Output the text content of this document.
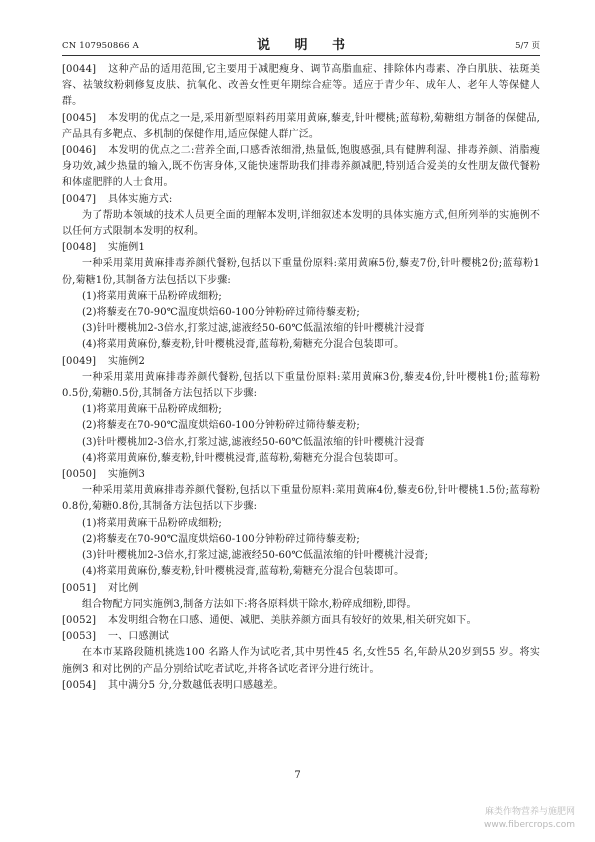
CN 107950866 A	说 明 书	5/7 页

[0044] 这种产品的适用范围,它主要用于减肥瘦身、调节高脂血症、排除体内毒素、净白肌肤、祛斑美容、祛皱纹粉刺修复皮肤、抗氧化、改善女性更年期综合症等。适应于青少年、成年人、老年人等保健人群。

[0045] 本发明的优点之一是,采用新型原料药用菜用黄麻,藜麦,针叶樱桃;蓝莓粉,菊糖组方制备的保健品,产品具有多靶点、多机制的保健作用,适应保健人群广泛。

[0046] 本发明的优点之二:营养全面,口感香浓细滑,热量低,饱腹感强,具有健脾利湿、排毒养颜、消脂瘦身功效,减少热量的输入,既不伤害身体,又能快速帮助我们排毒养颜减肥,特别适合爱美的女性朋友做代餐粉和体虚肥胖的人士食用。

[0047] 具体实施方式:

为了帮助本领域的技术人员更全面的理解本发明,详细叙述本发明的具体实施方式,但所列举的实施例不以任何方式限制本发明的权利。

[0048] 实施例1

一种采用菜用黄麻排毒养颜代餐粉,包括以下重量份原料:菜用黄麻5份,藜麦7份,针叶樱桃2份;蓝莓粉1份,菊糖1份,其制备方法包括以下步骤:

(1)将菜用黄麻干品粉碎成细粉;

(2)将藜麦在70-90℃温度烘焙60-100分钟粉碎过筛待藜麦粉;

(3)针叶樱桃加2-3倍水,打浆过滤,滤液经50-60℃低温浓缩的针叶樱桃汁浸膏

(4)将菜用黄麻份,藜麦粉,针叶樱桃浸膏,蓝莓粉,菊糖充分混合包装即可。

[0049] 实施例2

一种采用菜用黄麻排毒养颜代餐粉,包括以下重量份原料:菜用黄麻3份,藜麦4份,针叶樱桃1份;蓝莓粉0.5份,菊糖0.5份,其制备方法包括以下步骤:

(1)将菜用黄麻干品粉碎成细粉;

(2)将藜麦在70-90℃温度烘焙60-100分钟粉碎过筛待藜麦粉;

(3)针叶樱桃加2-3倍水,打浆过滤,滤液经50-60℃低温浓缩的针叶樱桃汁浸膏

(4)将菜用黄麻份,藜麦粉,针叶樱桃浸膏,蓝莓粉,菊糖充分混合包装即可。

[0050] 实施例3

一种采用菜用黄麻排毒养颜代餐粉,包括以下重量份原料:菜用黄麻4份,藜麦6份,针叶樱桃1.5份;蓝莓粉0.8份,菊糖0.8份,其制备方法包括以下步骤:

(1)将菜用黄麻干品粉碎成细粉;

(2)将藜麦在70-90℃温度烘焙60-100分钟粉碎过筛待藜麦粉;

(3)针叶樱桃加2-3倍水,打浆过滤,滤液经50-60℃低温浓缩的针叶樱桃汁浸膏;

(4)将菜用黄麻份,藜麦粉,针叶樱桃浸膏,蓝莓粉,菊糖充分混合包装即可。

[0051] 对比例

组合物配方同实施例3,制备方法如下:将各原料烘干除水,粉碎成细粉,即得。

[0052] 本发明组合物在口感、通便、减肥、美肤养颜方面具有较好的效果,相关研究如下。

[0053] 一、口感测试

在本市某路段随机挑选100 名路人作为试吃者,其中男性45 名,女性55 名,年龄从20岁到55 岁。将实施例3 和对比例的产品分别给试吃者试吃,并将各试吃者评分进行统计。

[0054] 其中满分5 分,分数越低表明口感越差。

7
麻类作物营养与施肥网
www.fibercrops.com
